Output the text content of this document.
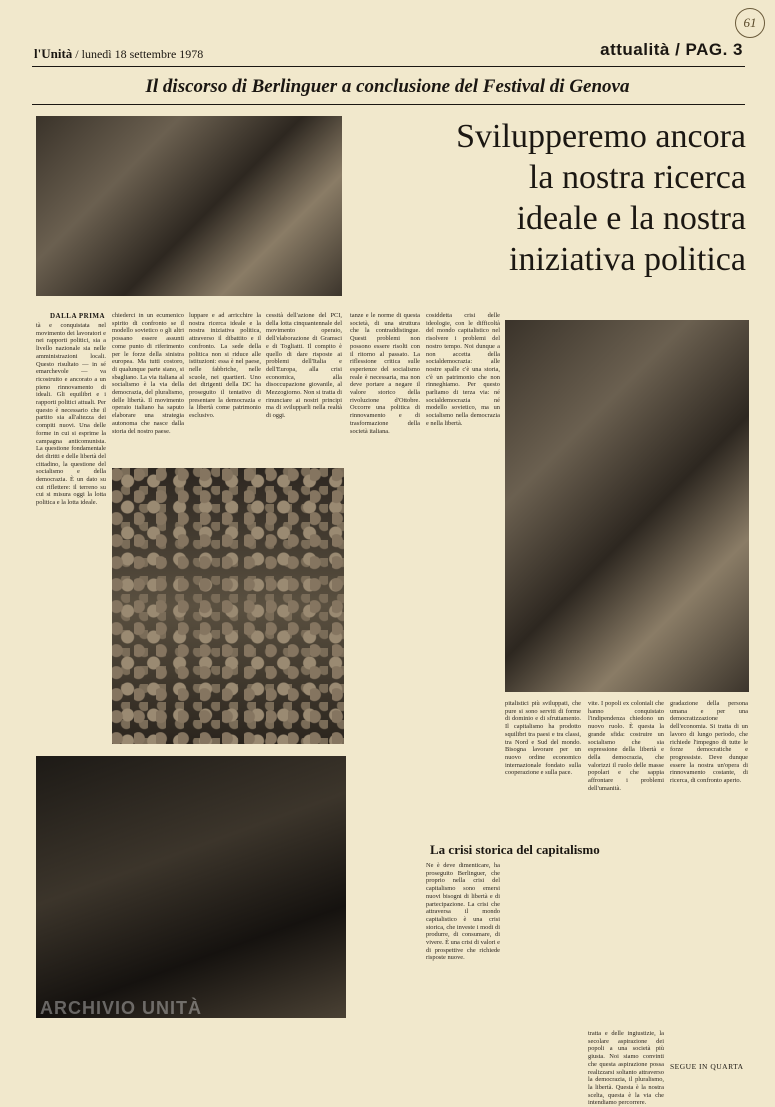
61
l'Unità / lunedì 18 settembre 1978	attualità / PAG. 3
Il discorso di Berlinguer a conclusione del Festival di Genova
Svilupperemo ancora
la nostra ricerca
ideale e la nostra
iniziativa politica
DALLA PRIMA

tà e conquistata nel movimento dei lavoratori e nei rapporti politici, sia a livello nazionale sia nelle amministrazioni locali. Questo risultato — in sé emarchevole — va ricostruito e ancorato a un pieno rinnovamento di ideali. Gli equilibri e i rapporti politici attuali. Per questo è necessario che il partito sia all'altezza dei compiti nuovi. Una delle forme in cui si esprime la campagna anticomunista. La questione fondamentale dei diritti e delle libertà del cittadino, la questione del socialismo e della democrazia. È un dato su cui riflettere: il terreno su cui si misura oggi la lotta politica e la lotta ideale.

chiederci in un ecumenico spirito di confronto se il modello sovietico o gli altri possano essere assunti come punto di riferimento per le forze della sinistra europea. Ma tutti costoro, di qualunque parte siano, si sbagliano. La via italiana al socialismo è la via della democrazia, del pluralismo, delle libertà. Il movimento operaio italiano ha saputo elaborare una strategia autonoma che nasce dalla storia del nostro paese.

luppare e ad arricchire la nostra ricerca ideale e la nostra iniziativa politica, attraverso il dibattito e il confronto. La sede della politica non si riduce alle istituzioni: essa è nel paese, nelle fabbriche, nelle scuole, nei quartieri. Uno dei dirigenti della DC ha proseguito il tentativo di presentare la democrazia e la libertà come patrimonio esclusivo.

cessità dell'azione del PCI, della lotta cinquantennale del movimento operaio, dell'elaborazione di Gramsci e di Togliatti. Il compito è quello di dare risposte ai problemi dell'Italia e dell'Europa, alla crisi economica, alla disoccupazione giovanile, al Mezzogiorno. Non si tratta di rinunciare ai nostri principi ma di svilupparli nella realtà di oggi.

tanze e le norme di questa società, di una struttura che la contraddistingue. Questi problemi non possono essere risolti con il ritorno al passato. La riflessione critica sulle esperienze del socialismo reale è necessaria, ma non deve portare a negare il valore storico della rivoluzione d'Ottobre. Occorre una politica di rinnovamento e di trasformazione della società italiana.

cosiddetta crisi delle ideologie, con le difficoltà del mondo capitalistico nel risolvere i problemi del nostro tempo. Noi dunque a non accetta della socialdemocrazia: alle nostre spalle c'è una storia, c'è un patrimonio che non rinneghiamo. Per questo parliamo di terza via: né socialdemocrazia né modello sovietico, ma un socialismo nella democrazia e nella libertà.

La crisi storica del capitalismo

Ne è deve dimenticare, ha proseguito Berlinguer, che proprio nella crisi del capitalismo sono emersi nuovi bisogni di libertà e di partecipazione. La crisi che attraversa il mondo capitalistico è una crisi storica, che investe i modi di produrre, di consumare, di vivere. È una crisi di valori e di prospettive che richiede risposte nuove.

pitalistici più sviluppati, che pure si sono serviti di forme di dominio e di sfruttamento. Il capitalismo ha prodotto squilibri tra paesi e tra classi, tra Nord e Sud del mondo. Bisogna lavorare per un nuovo ordine economico internazionale fondato sulla cooperazione e sulla pace.

vite. I popoli ex coloniali che hanno conquistato l'indipendenza chiedono un nuovo ruolo. È questa la grande sfida: costruire un socialismo che sia espressione della libertà e della democrazia, che valorizzi il ruolo delle masse popolari e che sappia affrontare i problemi dell'umanità.

gradazione della persona umana e per una democratizzazione dell'economia. Si tratta di un lavoro di lungo periodo, che richiede l'impegno di tutte le forze democratiche e progressiste. Deve dunque essere la nostra un'opera di rinnovamento costante, di ricerca, di confronto aperto.

tratta e delle ingiustizie, la secolare aspirazione dei popoli a una società più giusta. Noi siamo convinti che questa aspirazione possa realizzarsi soltanto attraverso la democrazia, il pluralismo, la libertà. Questa è la nostra scelta, questa è la via che intendiamo percorrere.

SEGUE IN QUARTA
ARCHIVIO UNITÀ
